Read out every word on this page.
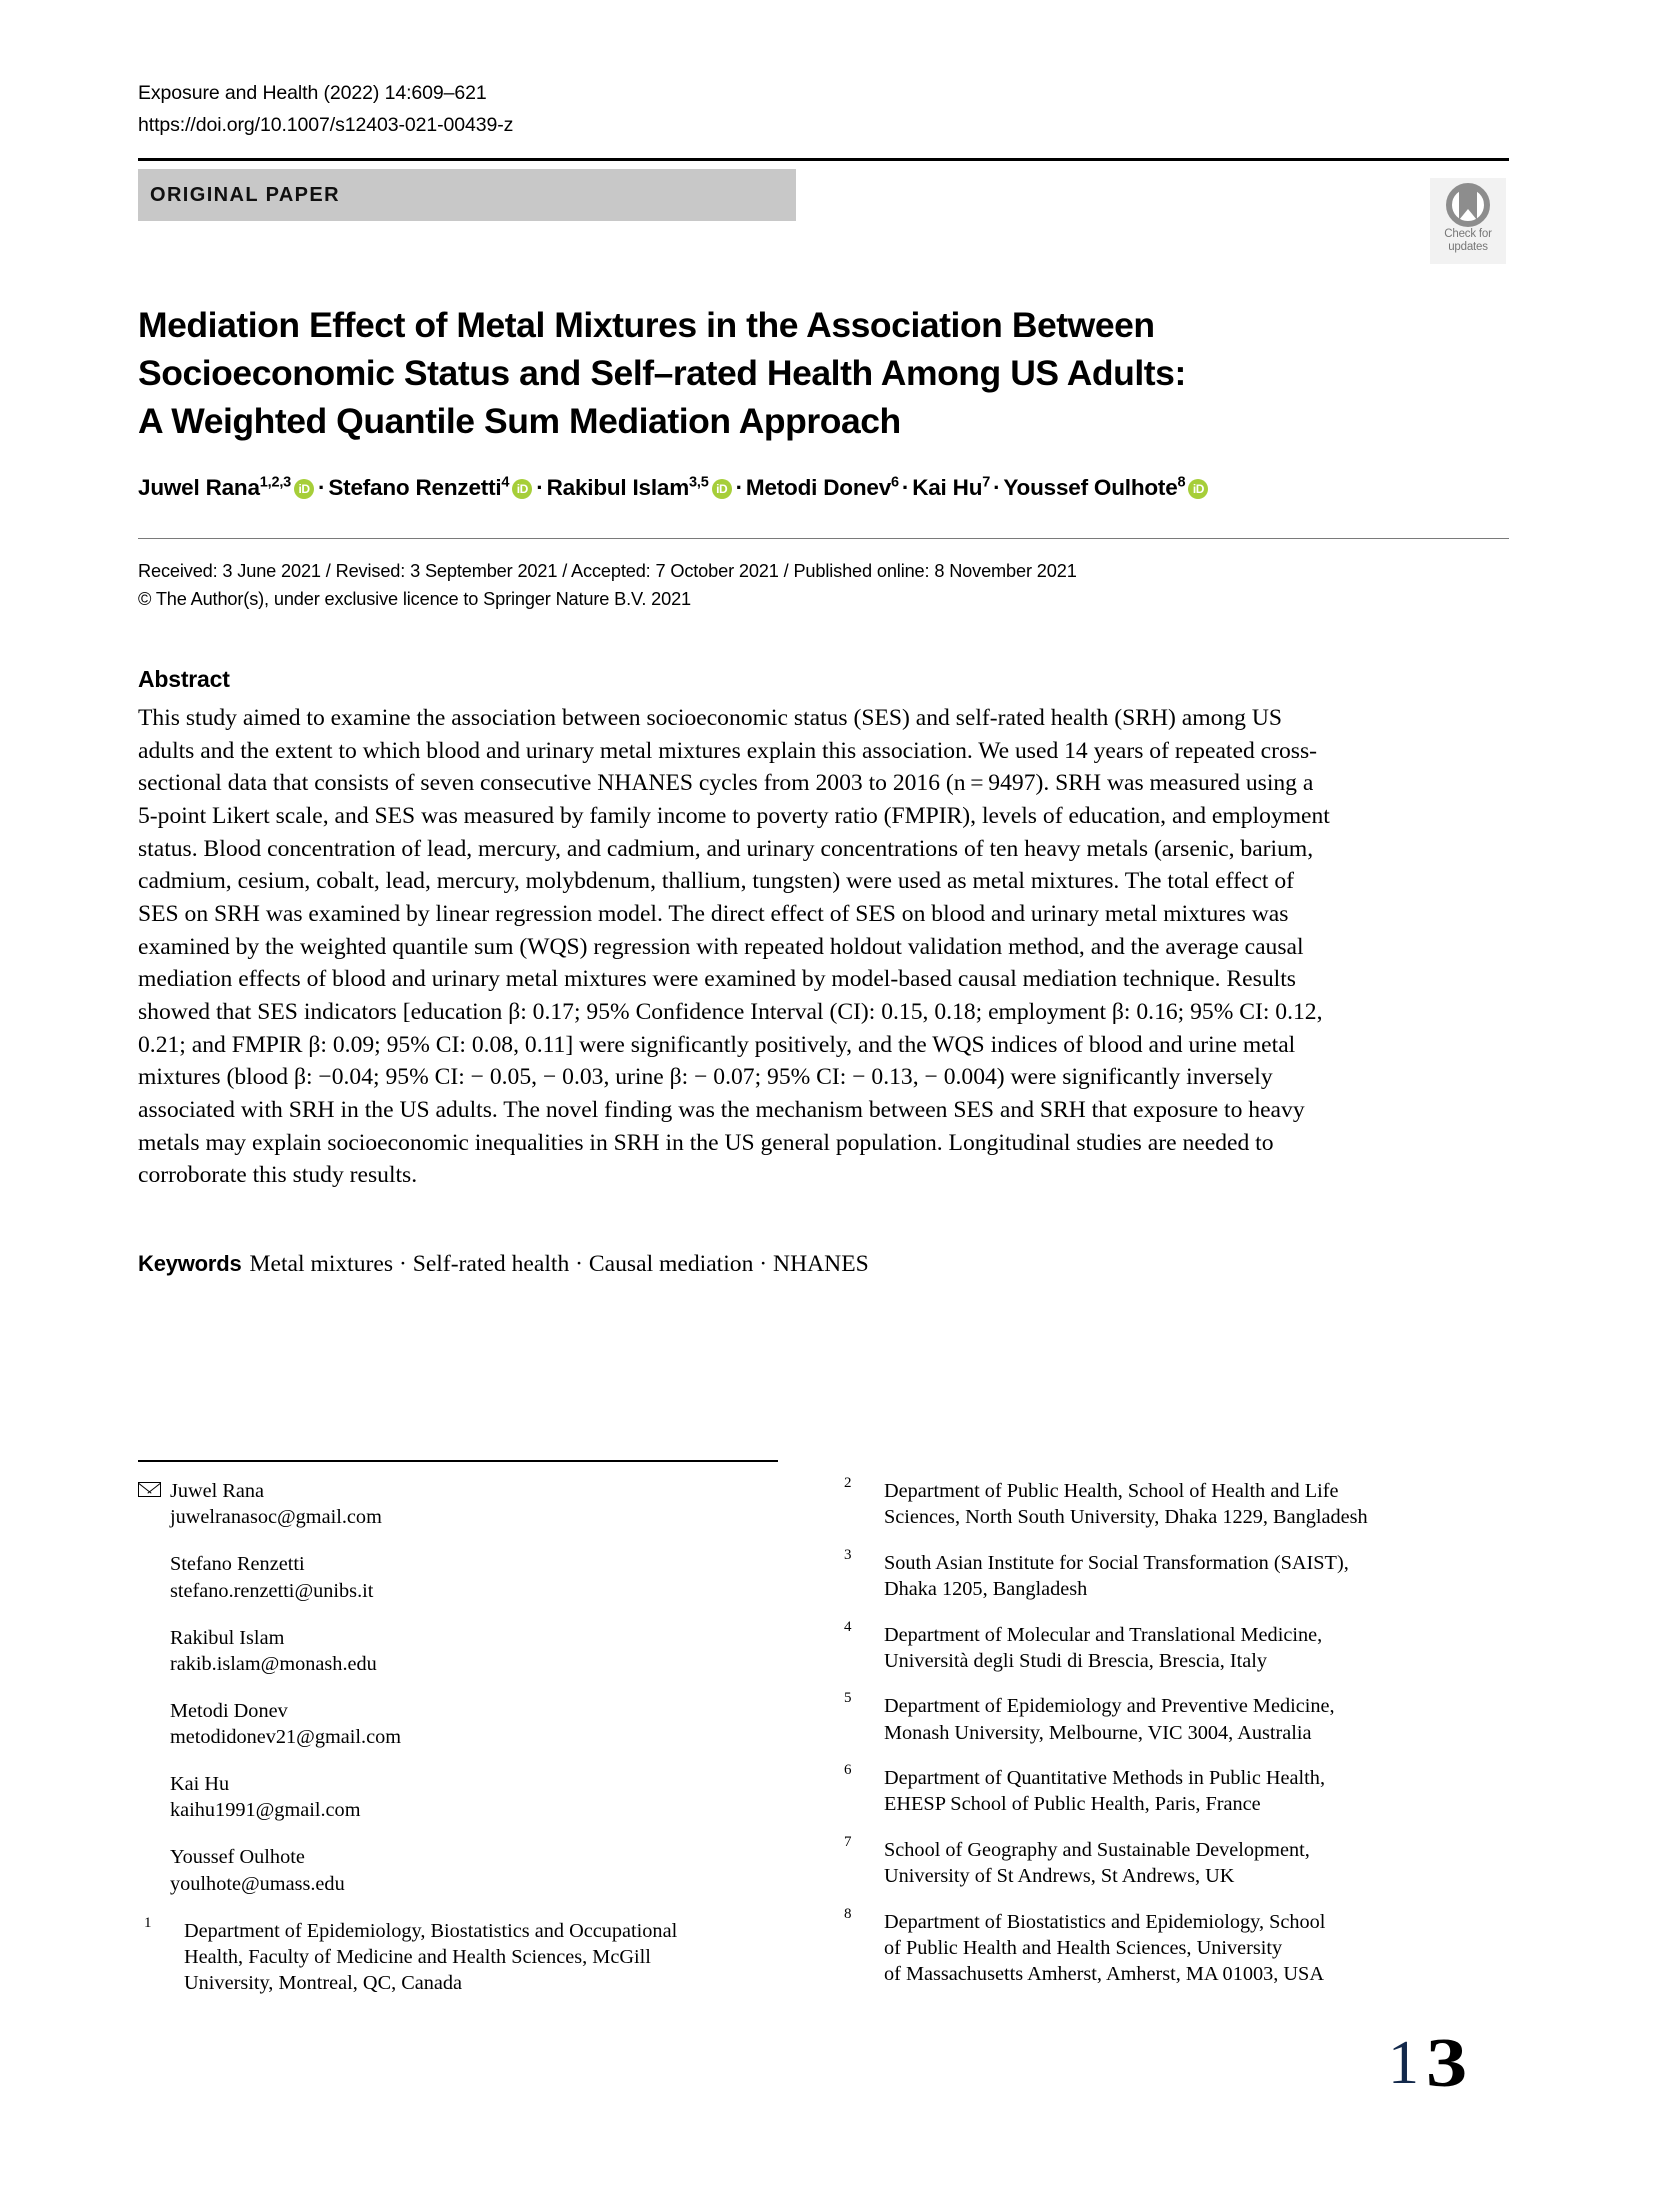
Exposure and Health (2022) 14:609–621
https://doi.org/10.1007/s12403-021-00439-z
ORIGINAL PAPER
Check for
updates
Mediation Effect of Metal Mixtures in the Association Between
Socioeconomic Status and Self–rated Health Among US Adults:
A Weighted Quantile Sum Mediation Approach
Juwel Rana$^{1,2,3}$ iD · Stefano Renzetti$^4$ iD · Rakibul Islam$^{3,5}$ iD · Metodi Donev$^6$ · Kai $Hu^7$ · Youssef Oulhote$^8$ iD
Received: 3 June 2021 / Revised: 3 September 2021 / Accepted: 7 October 2021 / Published online: 8 November 2021
© The Author(s), under exclusive licence to Springer Nature B.V. 2021
Abstract
This study aimed to examine the association between socioeconomic status (SES) and self-rated health (SRH) among US
adults and the extent to which blood and urinary metal mixtures explain this association. We used 14 years of repeated cross-
sectional data that consists of seven consecutive NHANES cycles from 2003 to 2016 (n = 9497). SRH was measured using a
5-point Likert scale, and SES was measured by family income to poverty ratio (FMPIR), levels of education, and employment
status. Blood concentration of lead, mercury, and cadmium, and urinary concentrations of ten heavy metals (arsenic, barium,
cadmium, cesium, cobalt, lead, mercury, molybdenum, thallium, tungsten) were used as metal mixtures. The total effect of
SES on SRH was examined by linear regression model. The direct effect of SES on blood and urinary metal mixtures was
examined by the weighted quantile sum (WQS) regression with repeated holdout validation method, and the average causal
mediation effects of blood and urinary metal mixtures were examined by model-based causal mediation technique. Results
showed that SES indicators [education β: 0.17; 95% Confidence Interval (CI): 0.15, 0.18; employment β: 0.16; 95% CI: 0.12,
0.21; and FMPIR β: 0.09; 95% CI: 0.08, 0.11] were significantly positively, and the WQS indices of blood and urine metal
mixtures (blood β: −0.04; 95% CI: − 0.05, − 0.03, urine β: − 0.07; 95% CI: − 0.13, − 0.004) were significantly inversely
associated with SRH in the US adults. The novel finding was the mechanism between SES and SRH that exposure to heavy
metals may explain socioeconomic inequalities in SRH in the US general population. Longitudinal studies are needed to
corroborate this study results.
Keywords Metal mixtures · Self-rated health · Causal mediation · NHANES
Juwel Rana
juwelranasoc@gmail.com
Stefano Renzetti
stefano.renzetti@unibs.it
Rakibul Islam
rakib.islam@monash.edu
Metodi Donev
metodidonev21@gmail.com
Kai Hu
kaihu1991@gmail.com
Youssef Oulhote
youlhote@umass.edu
1 Department of Epidemiology, Biostatistics and Occupational
Health, Faculty of Medicine and Health Sciences, McGill
University, Montreal, QC, Canada
2 Department of Public Health, School of Health and Life
Sciences, North South University, Dhaka 1229, Bangladesh
3 South Asian Institute for Social Transformation (SAIST),
Dhaka 1205, Bangladesh
4 Department of Molecular and Translational Medicine,
Università degli Studi di Brescia, Brescia, Italy
5 Department of Epidemiology and Preventive Medicine,
Monash University, Melbourne, VIC 3004, Australia
6 Department of Quantitative Methods in Public Health,
EHESP School of Public Health, Paris, France
7 School of Geography and Sustainable Development,
University of St Andrews, St Andrews, UK
8 Department of Biostatistics and Epidemiology, School
of Public Health and Health Sciences, University
of Massachusetts Amherst, Amherst, MA 01003, USA
1 3
